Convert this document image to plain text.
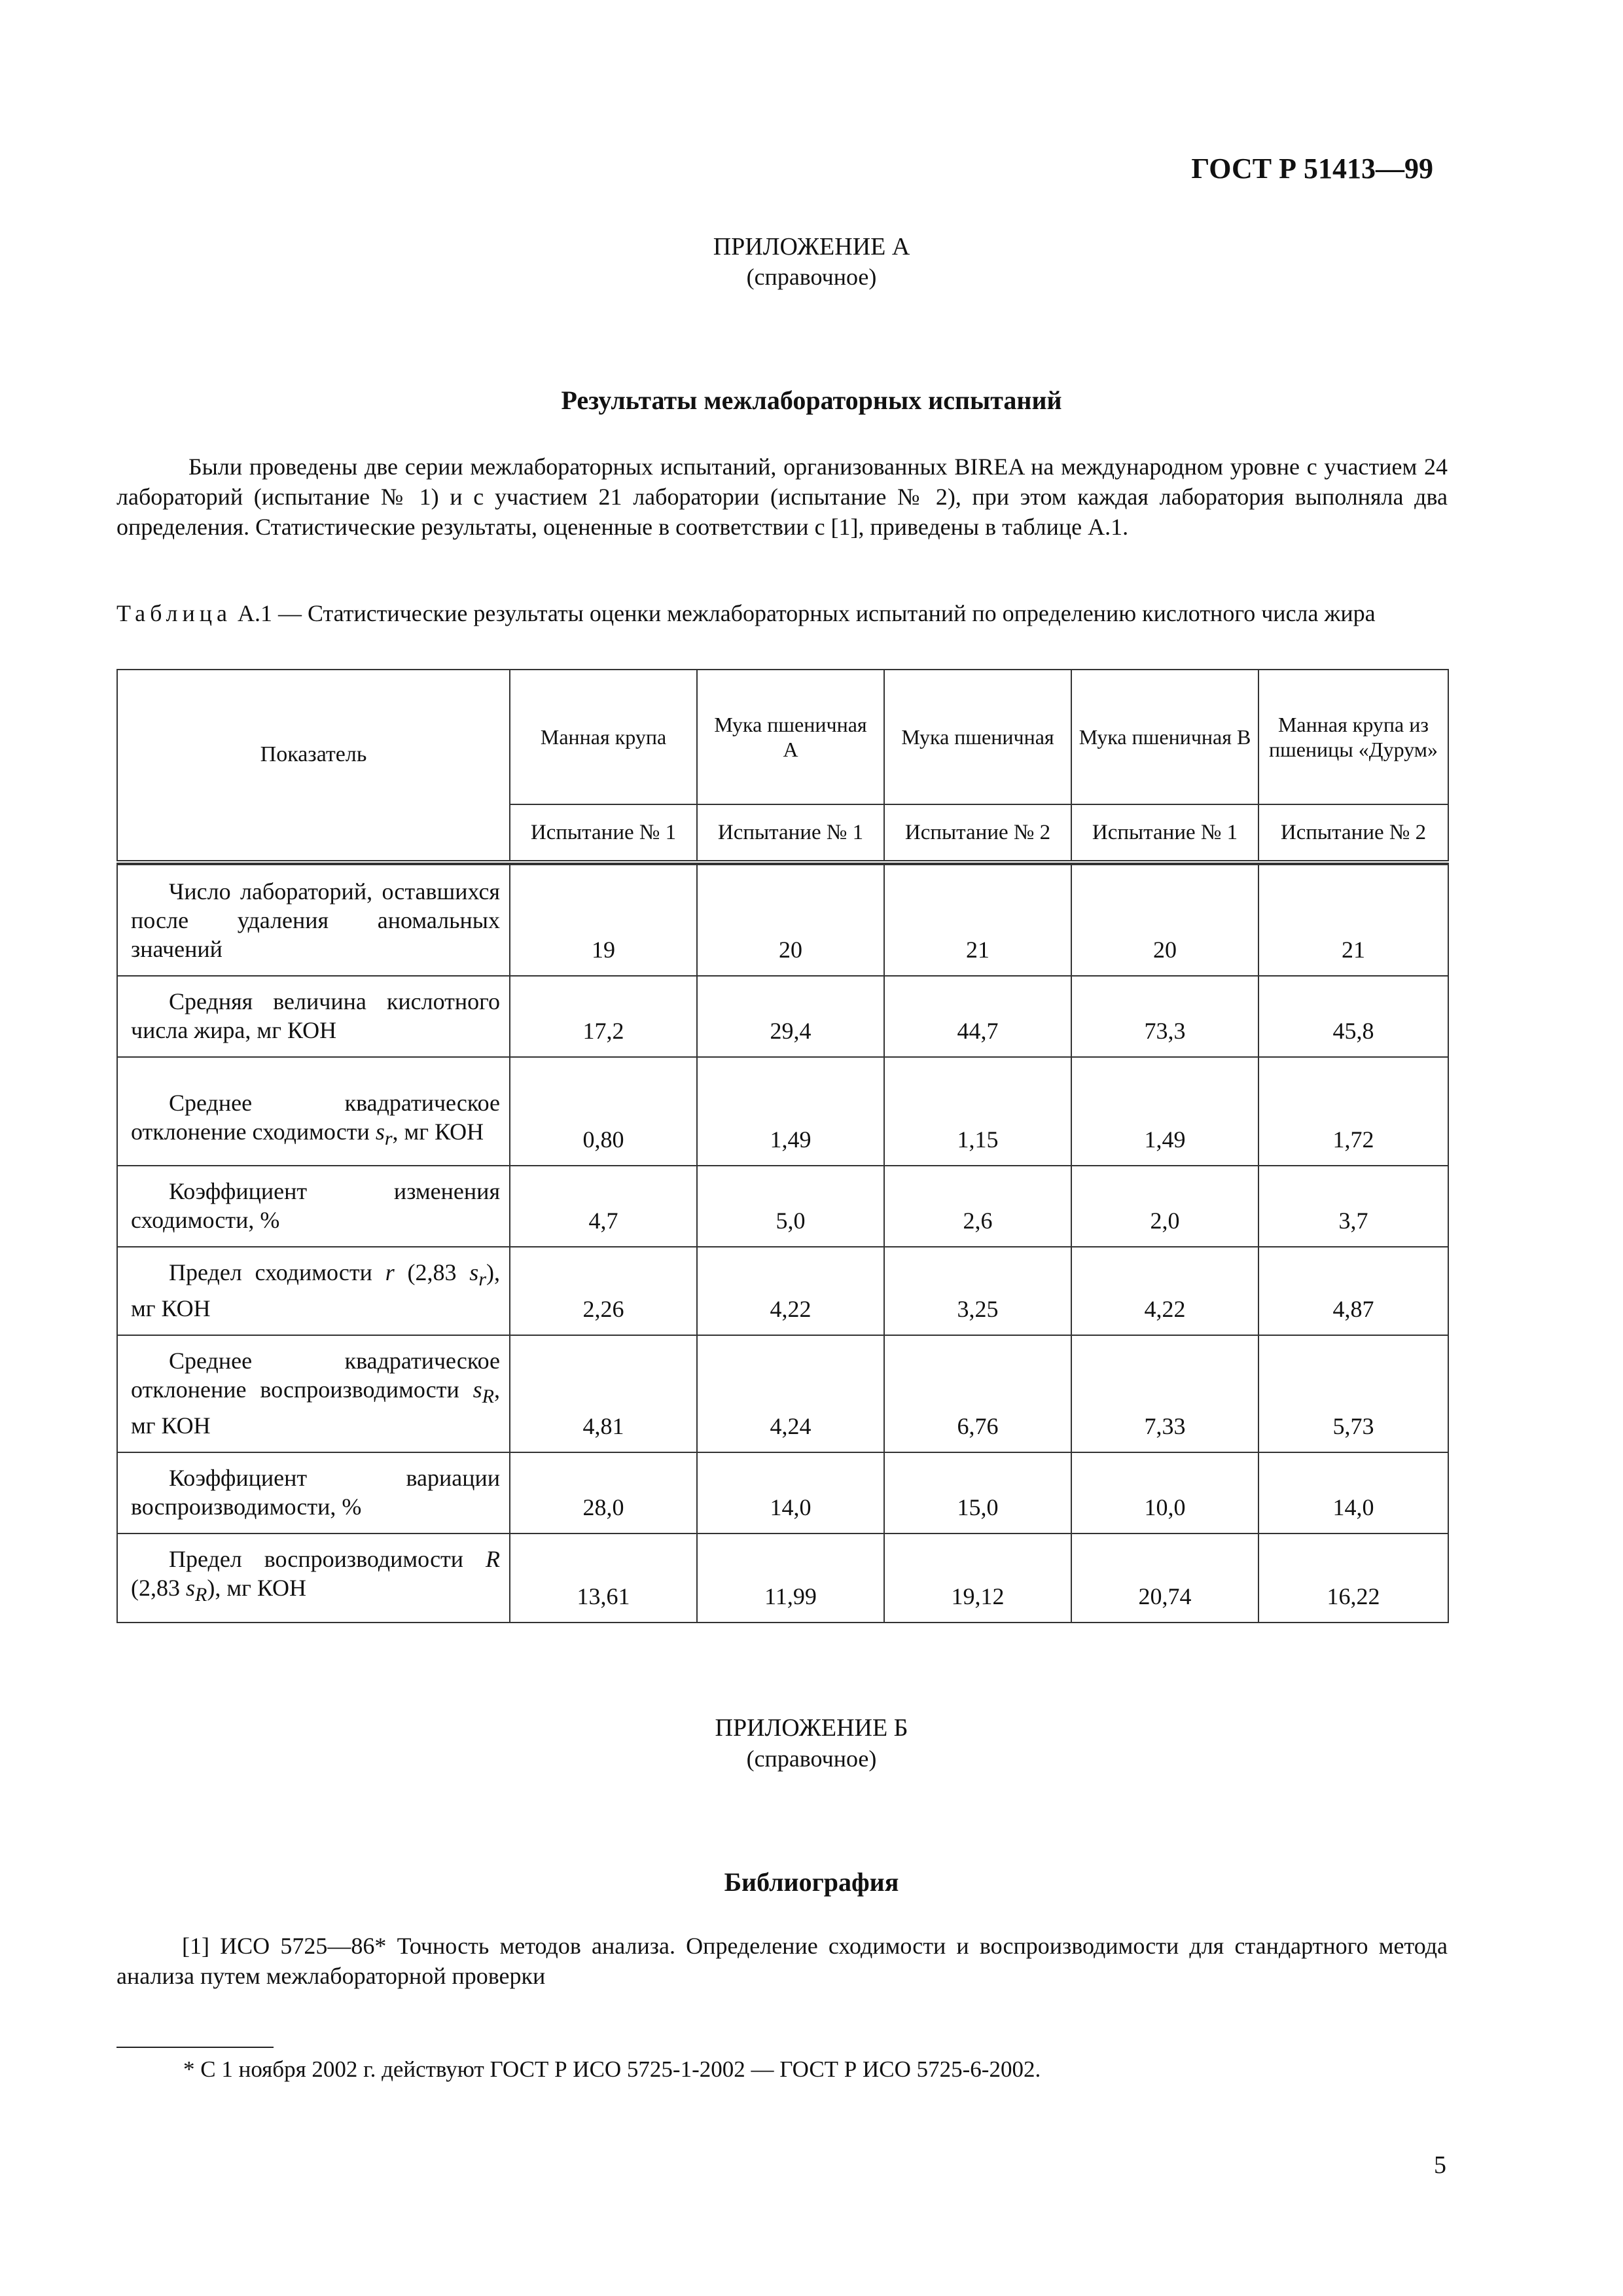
ГОСТ Р 51413—99
ПРИЛОЖЕНИЕ А
(справочное)
Результаты межлабораторных испытаний

Были проведены две серии межлабораторных испытаний, организованных BIREA на международном уровне с участием 24 лабораторий (испытание № 1) и с участием 21 лаборатории (испытание № 2), при этом каждая лаборатория выполняла два определения. Статистические результаты, оцененные в соответствии с [1], приведены в таблице А.1.

Таблица А.1 — Статистические результаты оценки межлабораторных испытаний по определению кислотного числа жира
Показатель	Манная крупа	Мука пшеничная А	Мука пшеничная	Мука пшеничная В	Манная крупа из пшеницы «Дурум»
	Испытание № 1	Испытание № 1	Испытание № 2	Испытание № 1	Испытание № 2

Число лабораторий, оставшихся после удаления аномальных значений	19	20	21	20	21

Средняя величина кислотного числа жира, мг КОН	17,2	29,4	44,7	73,3	45,8

Среднее квадратическое отклонение сходимости $s_r$, мг КОН	0,80	1,49	1,15	1,49	1,72

Коэффициент изменения сходимости, %	4,7	5,0	2,6	2,0	3,7

Предел сходимости r (2,83 $s_r$), мг КОН	2,26	4,22	3,25	4,22	4,87

Среднее квадратическое отклонение воспроизводимости $s_R$, мг КОН	4,81	4,24	6,76	7,33	5,73

Коэффициент вариации воспроизводимости, %	28,0	14,0	15,0	10,0	14,0

Предел воспроизводимости R (2,83 $s_R$), мг КОН	13,61	11,99	19,12	20,74	16,22
ПРИЛОЖЕНИЕ Б
(справочное)
Библиография

[1] ИСО 5725—86* Точность методов анализа. Определение сходимости и воспроизводимости для стандартного метода анализа путем межлабораторной проверки

* С 1 ноября 2002 г. действуют ГОСТ Р ИСО 5725-1-2002 — ГОСТ Р ИСО 5725-6-2002.
5
